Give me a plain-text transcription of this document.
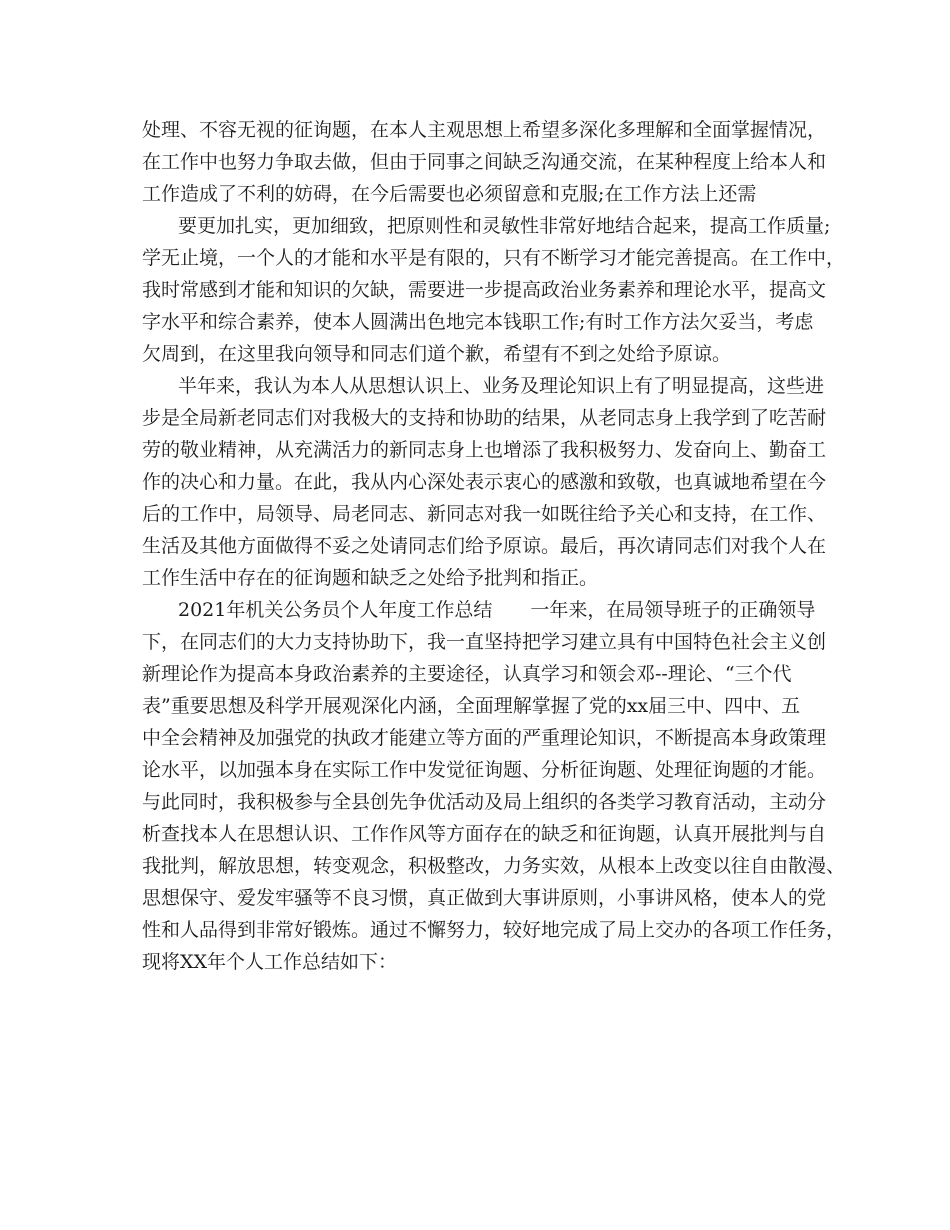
处理、不容无视的征询题，在本人主观思想上希望多深化多理解和全面掌握情况，
在工作中也努力争取去做，但由于同事之间缺乏沟通交流，在某种程度上给本人和
工作造成了不利的妨碍，在今后需要也必须留意和克服;在工作方法上还需
要更加扎实，更加细致，把原则性和灵敏性非常好地结合起来，提高工作质量;
学无止境，一个人的才能和水平是有限的，只有不断学习才能完善提高。在工作中，
我时常感到才能和知识的欠缺，需要进一步提高政治业务素养和理论水平，提高文
字水平和综合素养，使本人圆满出色地完本钱职工作;有时工作方法欠妥当，考虑
欠周到，在这里我向领导和同志们道个歉，希望有不到之处给予原谅。
半年来，我认为本人从思想认识上、业务及理论知识上有了明显提高，这些进
步是全局新老同志们对我极大的支持和协助的结果，从老同志身上我学到了吃苦耐
劳的敬业精神，从充满活力的新同志身上也增添了我积极努力、发奋向上、勤奋工
作的决心和力量。在此，我从内心深处表示衷心的感激和致敬，也真诚地希望在今
后的工作中，局领导、局老同志、新同志对我一如既往给予关心和支持，在工作、
生活及其他方面做得不妥之处请同志们给予原谅。最后，再次请同志们对我个人在
工作生活中存在的征询题和缺乏之处给予批判和指正。
2021年机关公务员个人年度工作总结　　一年来，在局领导班子的正确领导
下，在同志们的大力支持协助下，我一直坚持把学习建立具有中国特色社会主义创
新理论作为提高本身政治素养的主要途径，认真学习和领会邓--理论、“三个代
表”重要思想及科学开展观深化内涵，全面理解掌握了党的xx届三中、四中、五
中全会精神及加强党的执政才能建立等方面的严重理论知识，不断提高本身政策理
论水平，以加强本身在实际工作中发觉征询题、分析征询题、处理征询题的才能。
与此同时，我积极参与全县创先争优活动及局上组织的各类学习教育活动，主动分
析查找本人在思想认识、工作作风等方面存在的缺乏和征询题，认真开展批判与自
我批判，解放思想，转变观念，积极整改，力务实效，从根本上改变以往自由散漫、
思想保守、爱发牢骚等不良习惯，真正做到大事讲原则，小事讲风格，使本人的党
性和人品得到非常好锻炼。通过不懈努力，较好地完成了局上交办的各项工作任务，
现将XX年个人工作总结如下：
